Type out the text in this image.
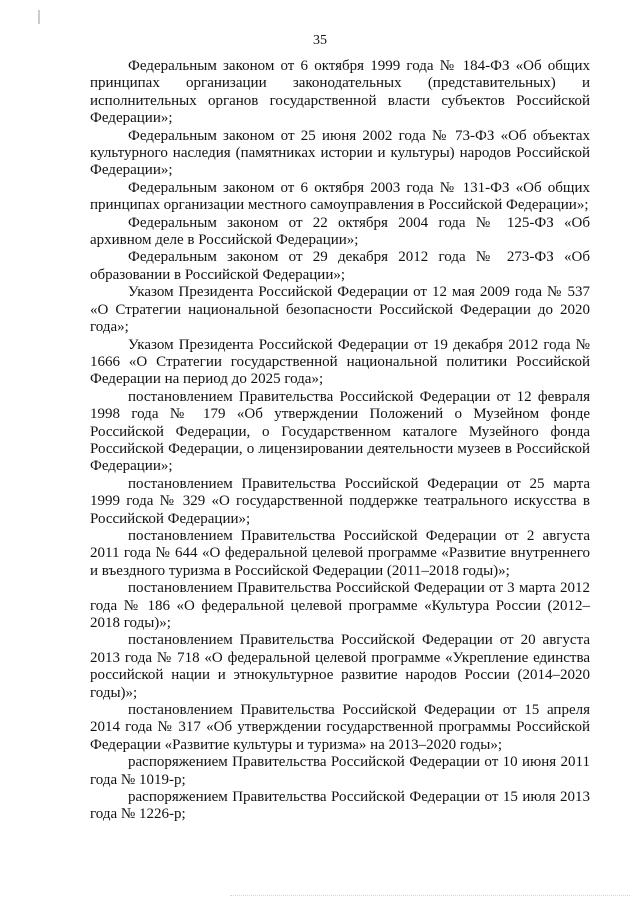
35

Федеральным законом от 6 октября 1999 года № 184-ФЗ «Об общих принципах организации законодательных (представительных) и исполнительных органов государственной власти субъектов Российской Федерации»;

Федеральным законом от 25 июня 2002 года № 73-ФЗ «Об объектах культурного наследия (памятниках истории и культуры) народов Российской Федерации»;

Федеральным законом от 6 октября 2003 года № 131-ФЗ «Об общих принципах организации местного самоуправления в Российской Федерации»;

Федеральным законом от 22 октября 2004 года № 125-ФЗ «Об архивном деле в Российской Федерации»;

Федеральным законом от 29 декабря 2012 года № 273-ФЗ «Об образовании в Российской Федерации»;

Указом Президента Российской Федерации от 12 мая 2009 года № 537 «О Стратегии национальной безопасности Российской Федерации до 2020 года»;

Указом Президента Российской Федерации от 19 декабря 2012 года № 1666 «О Стратегии государственной национальной политики Российской Федерации на период до 2025 года»;

постановлением Правительства Российской Федерации от 12 февраля 1998 года № 179 «Об утверждении Положений о Музейном фонде Российской Федерации, о Государственном каталоге Музейного фонда Российской Федерации, о лицензировании деятельности музеев в Российской Федерации»;

постановлением Правительства Российской Федерации от 25 марта 1999 года № 329 «О государственной поддержке театрального искусства в Российской Федерации»;

постановлением Правительства Российской Федерации от 2 августа 2011 года № 644 «О федеральной целевой программе «Развитие внутреннего и въездного туризма в Российской Федерации (2011–2018 годы)»;

постановлением Правительства Российской Федерации от 3 марта 2012 года № 186 «О федеральной целевой программе «Культура России (2012–2018 годы)»;

постановлением Правительства Российской Федерации от 20 августа 2013 года № 718 «О федеральной целевой программе «Укрепление единства российской нации и этнокультурное развитие народов России (2014–2020 годы)»;

постановлением Правительства Российской Федерации от 15 апреля 2014 года № 317 «Об утверждении государственной программы Российской Федерации «Развитие культуры и туризма» на 2013–2020 годы»;

распоряжением Правительства Российской Федерации от 10 июня 2011 года № 1019-р;

распоряжением Правительства Российской Федерации от 15 июля 2013 года № 1226-р;
